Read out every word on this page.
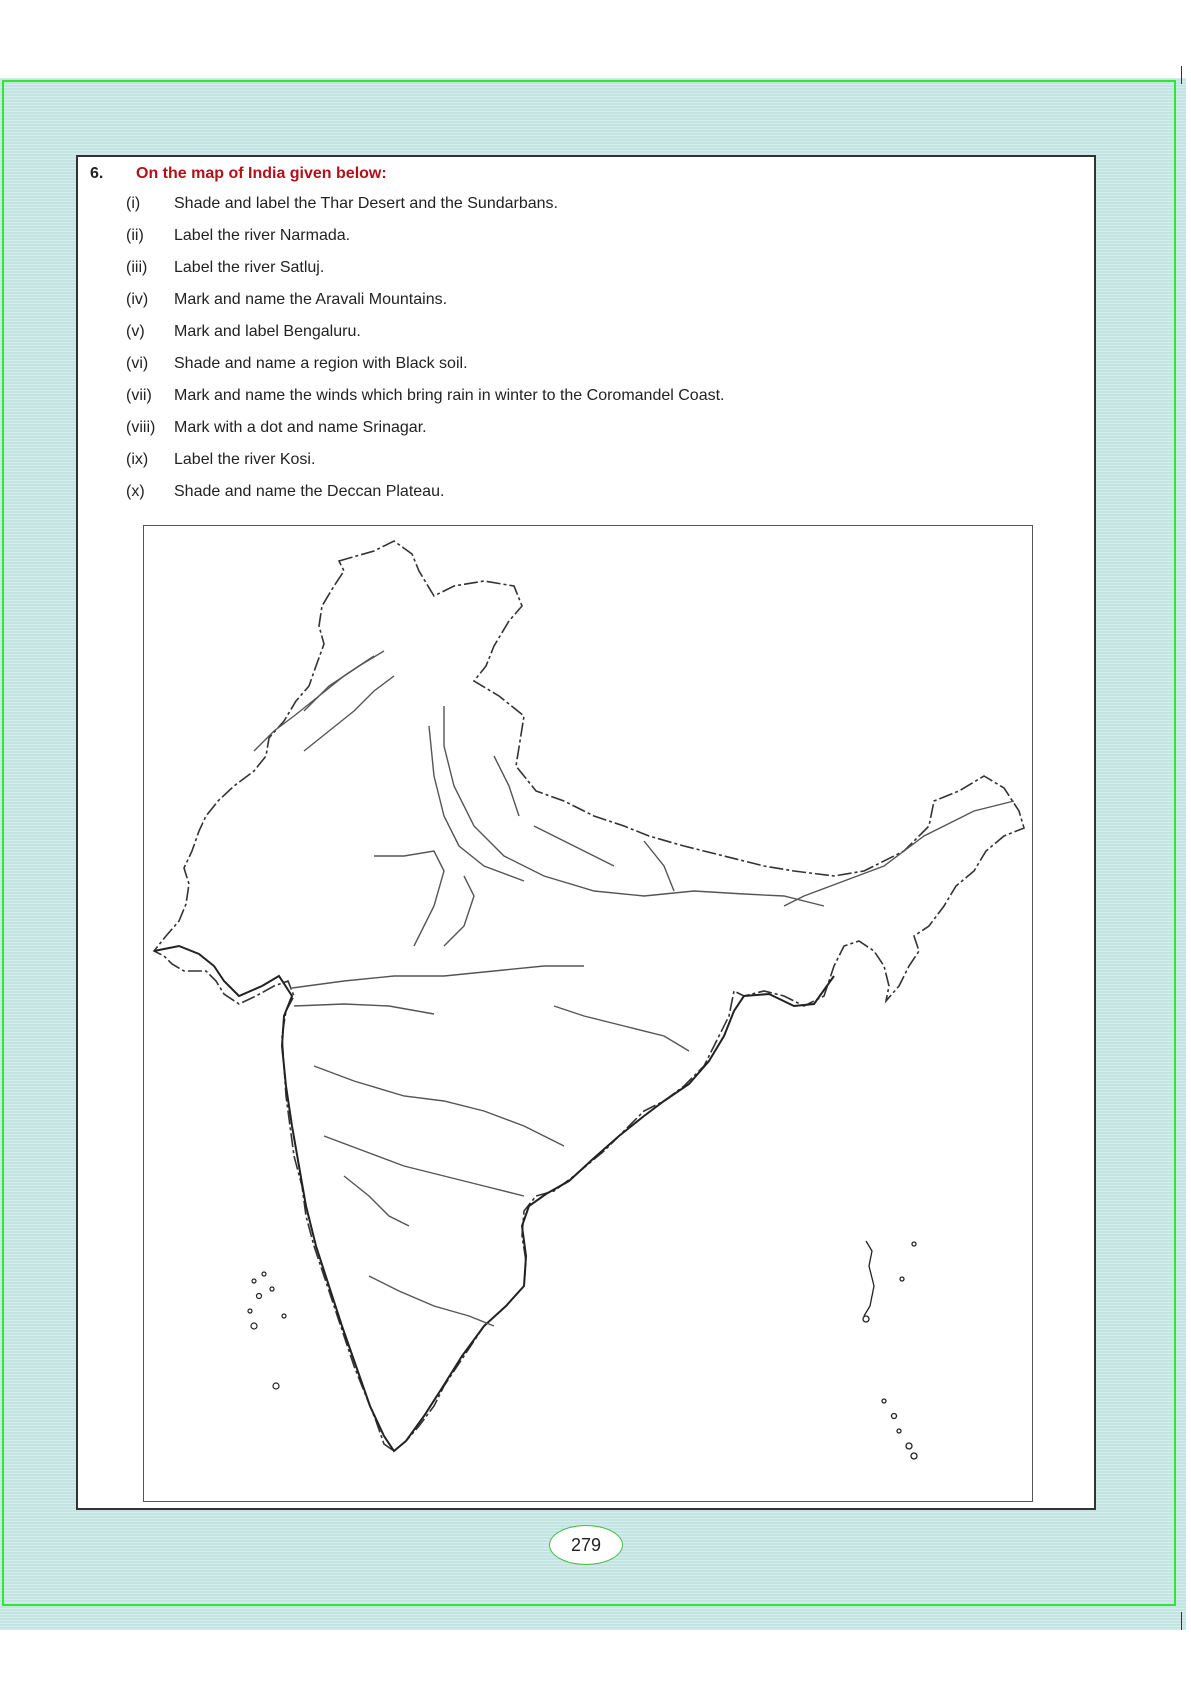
6. On the map of India given below:
(i)	Shade and label the Thar Desert and the Sundarbans.
(ii)	Label the river Narmada.
(iii)	Label the river Satluj.
(iv)	Mark and name the Aravali Mountains.
(v)	Mark and label Bengaluru.
(vi)	Shade and name a region with Black soil.
(vii)	Mark and name the winds which bring rain in winter to the Coromandel Coast.
(viii)	Mark with a dot and name Srinagar.
(ix)	Label the river Kosi.
(x)	Shade and name the Deccan Plateau.
279
